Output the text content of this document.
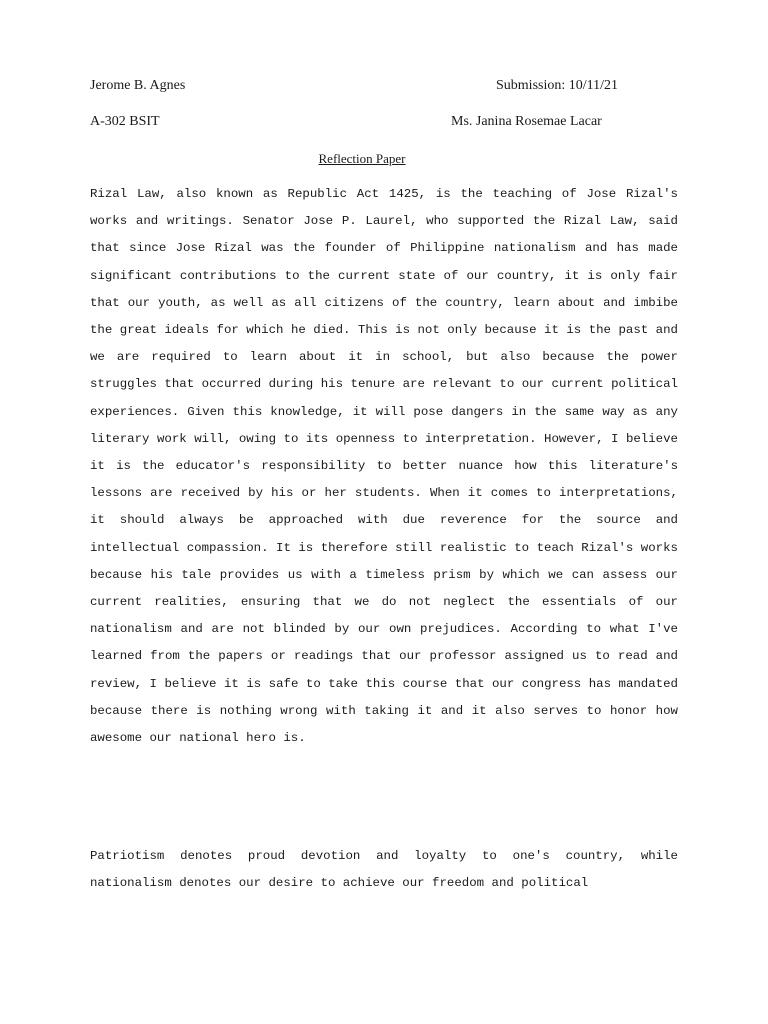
Jerome B. Agnes	Submission: 10/11/21
A-302 BSIT	Ms. Janina Rosemae Lacar
Reflection Paper

Rizal Law, also known as Republic Act 1425, is the teaching of Jose Rizal's works and writings. Senator Jose P. Laurel, who supported the Rizal Law, said that since Jose Rizal was the founder of Philippine nationalism and has made significant contributions to the current state of our country, it is only fair that our youth, as well as all citizens of the country, learn about and imbibe the great ideals for which he died. This is not only because it is the past and we are required to learn about it in school, but also because the power struggles that occurred during his tenure are relevant to our current political experiences. Given this knowledge, it will pose dangers in the same way as any literary work will, owing to its openness to interpretation. However, I believe it is the educator's responsibility to better nuance how this literature's lessons are received by his or her students. When it comes to interpretations, it should always be approached with due reverence for the source and intellectual compassion. It is therefore still realistic to teach Rizal's works because his tale provides us with a timeless prism by which we can assess our current realities, ensuring that we do not neglect the essentials of our nationalism and are not blinded by our own prejudices. According to what I've learned from the papers or readings that our professor assigned us to read and review, I believe it is safe to take this course that our congress has mandated because there is nothing wrong with taking it and it also serves to honor how awesome our national hero is.

Patriotism denotes proud devotion and loyalty to one's country, while nationalism denotes our desire to achieve our freedom and political
